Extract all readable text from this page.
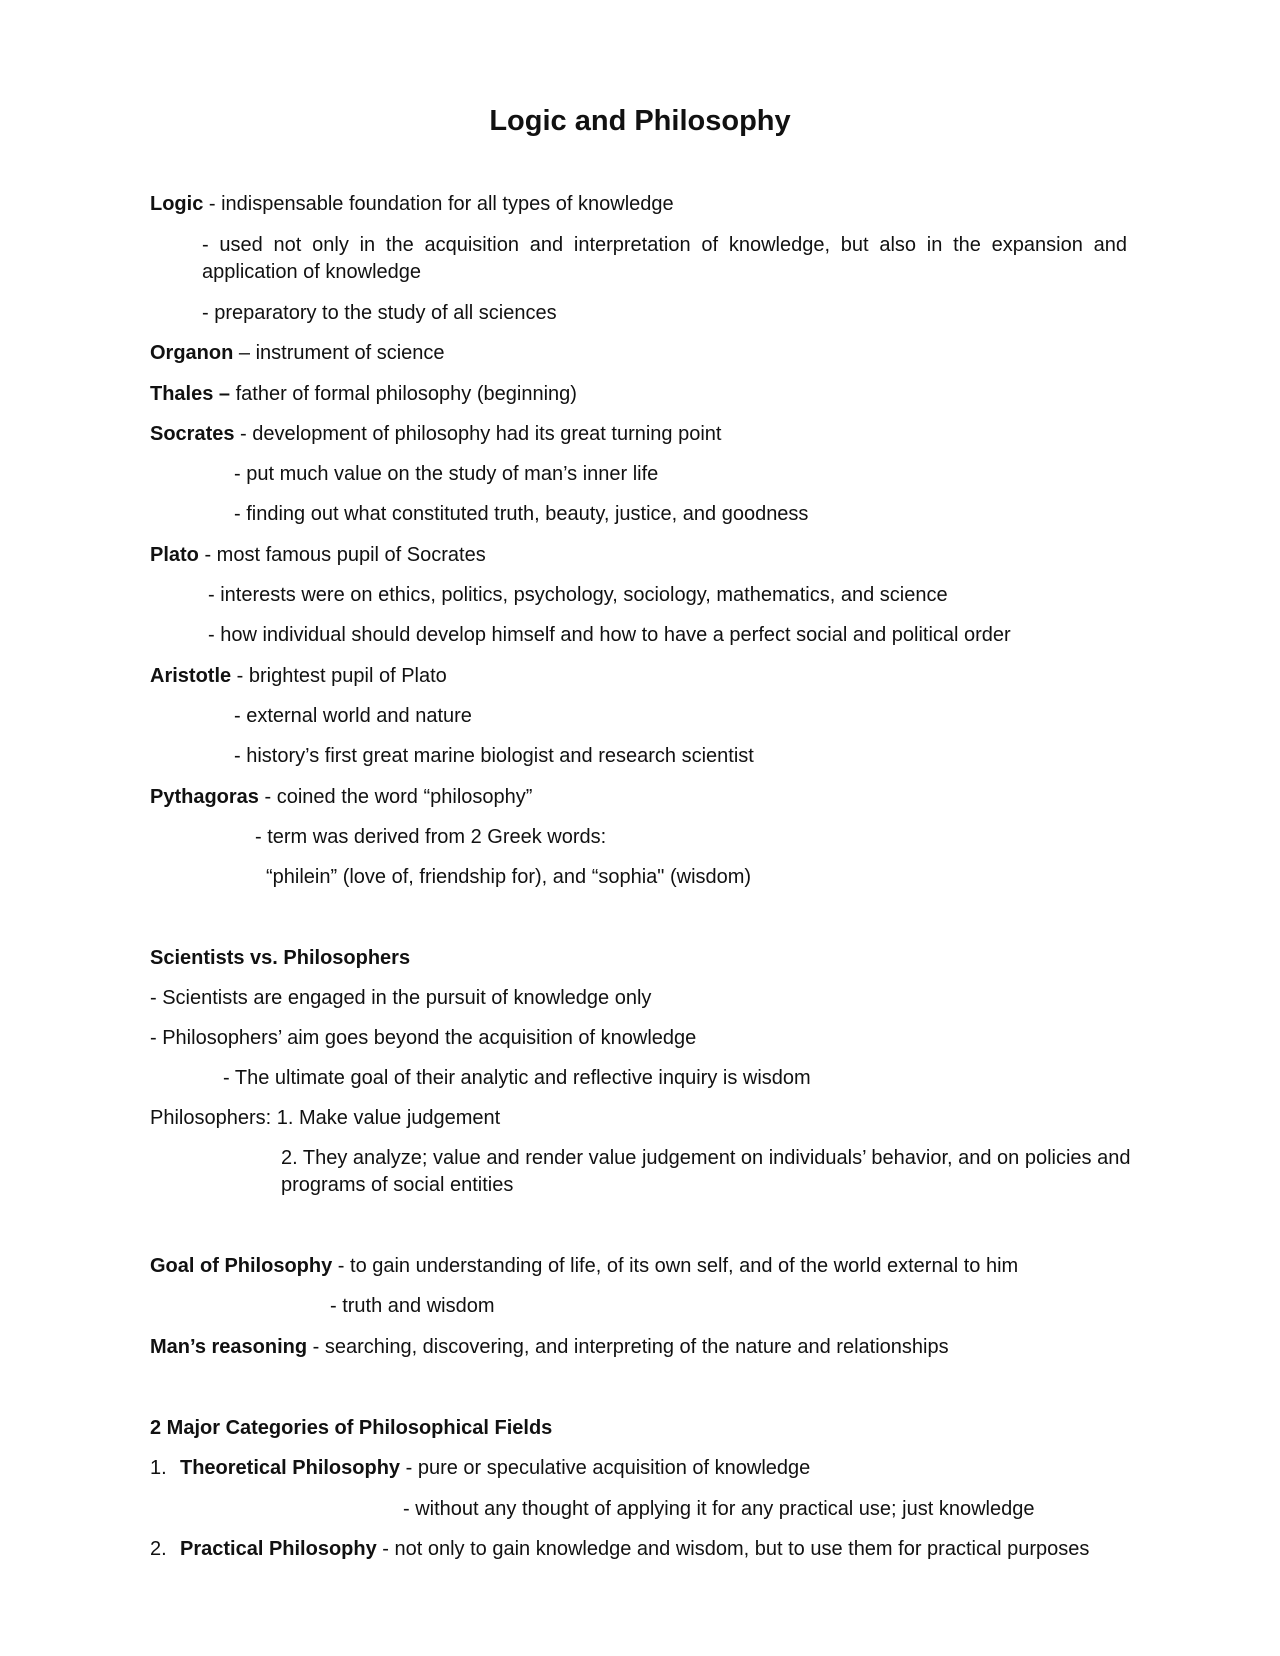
Logic and Philosophy
Logic - indispensable foundation for all types of knowledge
- used not only in the acquisition and interpretation of knowledge, but also in the expansion and application of knowledge
- preparatory to the study of all sciences
Organon – instrument of science
Thales – father of formal philosophy (beginning)
Socrates - development of philosophy had its great turning point
- put much value on the study of man’s inner life
- finding out what constituted truth, beauty, justice, and goodness
Plato - most famous pupil of Socrates
- interests were on ethics, politics, psychology, sociology, mathematics, and science
- how individual should develop himself and how to have a perfect social and political order
Aristotle - brightest pupil of Plato
- external world and nature
- history’s first great marine biologist and research scientist
Pythagoras - coined the word “philosophy”
- term was derived from 2 Greek words:
“philein” (love of, friendship for), and “sophia" (wisdom)
Scientists vs. Philosophers
- Scientists are engaged in the pursuit of knowledge only
- Philosophers’ aim goes beyond the acquisition of knowledge
- The ultimate goal of their analytic and reflective inquiry is wisdom
Philosophers: 1. Make value judgement
2. They analyze; value and render value judgement on individuals’ behavior, and on policies and programs of social entities
Goal of Philosophy - to gain understanding of life, of its own self, and of the world external to him
- truth and wisdom
Man’s reasoning - searching, discovering, and interpreting of the nature and relationships
2 Major Categories of Philosophical Fields
1. Theoretical Philosophy - pure or speculative acquisition of knowledge
- without any thought of applying it for any practical use; just knowledge
2. Practical Philosophy - not only to gain knowledge and wisdom, but to use them for practical purposes
